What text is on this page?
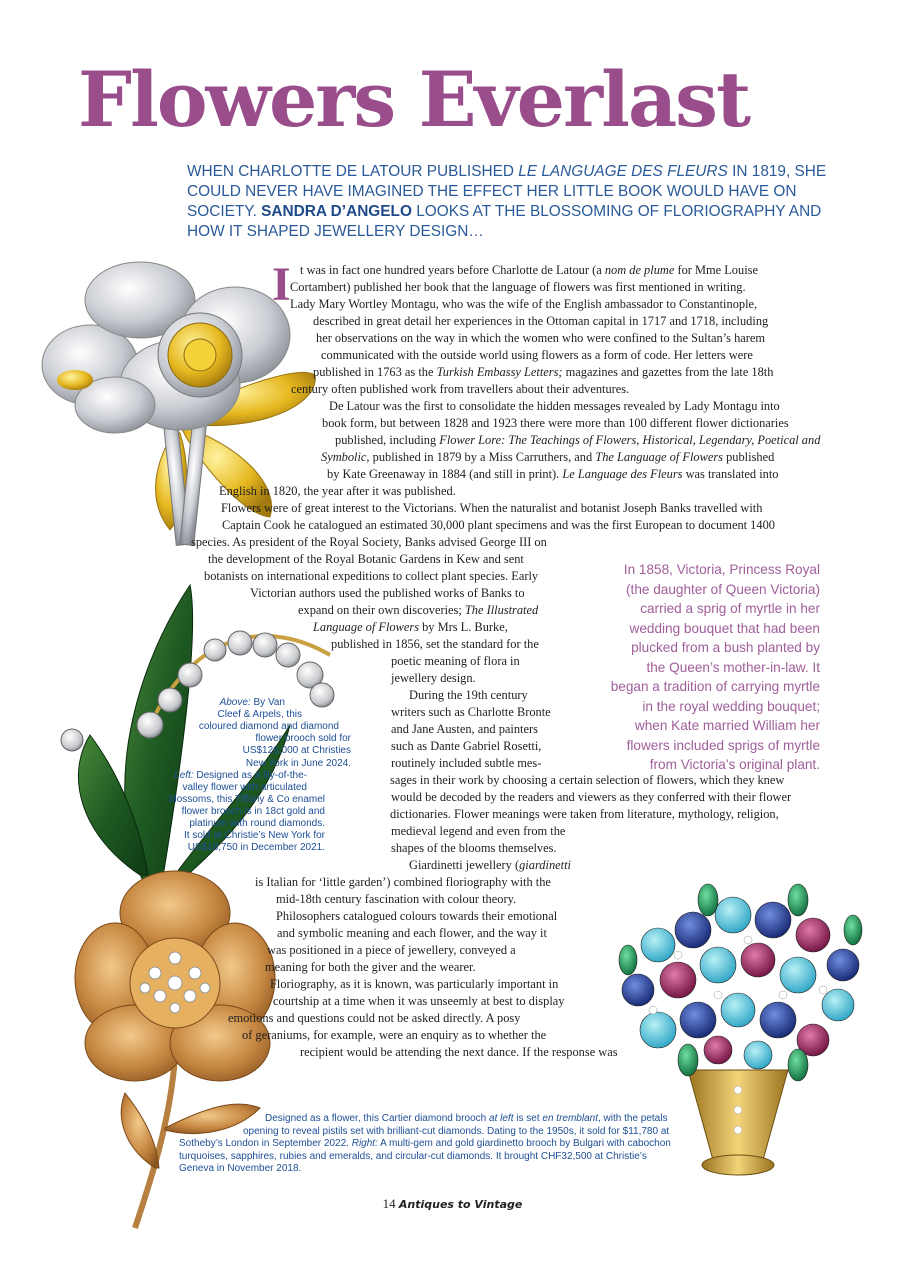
Flowers Everlast
WHEN CHARLOTTE DE LATOUR PUBLISHED LE LANGUAGE DES FLEURS IN 1819, SHE COULD NEVER HAVE IMAGINED THE EFFECT HER LITTLE BOOK WOULD HAVE ON SOCIETY. SANDRA D’ANGELO LOOKS AT THE BLOSSOMING OF FLORIOGRAPHY AND HOW IT SHAPED JEWELLERY DESIGN…
I t was in fact one hundred years before Charlotte de Latour (a nom de plume for Mme Louise
Cortambert) published her book that the language of flowers was first mentioned in writing.
Lady Mary Wortley Montagu, who was the wife of the English ambassador to Constantinople,
described in great detail her experiences in the Ottoman capital in 1717 and 1718, including
her observations on the way in which the women who were confined to the Sultan’s harem
communicated with the outside world using flowers as a form of code. Her letters were
published in 1763 as the Turkish Embassy Letters; magazines and gazettes from the late 18th
century often published work from travellers about their adventures.
De Latour was the first to consolidate the hidden messages revealed by Lady Montagu into
book form, but between 1828 and 1923 there were more than 100 different flower dictionaries
published, including Flower Lore: The Teachings of Flowers, Historical, Legendary, Poetical and
Symbolic, published in 1879 by a Miss Carruthers, and The Language of Flowers published
by Kate Greenaway in 1884 (and still in print). Le Language des Fleurs was translated into
English in 1820, the year after it was published.
Flowers were of great interest to the Victorians. When the naturalist and botanist Joseph Banks travelled with
Captain Cook he catalogued an estimated 30,000 plant specimens and was the first European to document 1400
species. As president of the Royal Society, Banks advised George III on
the development of the Royal Botanic Gardens in Kew and sent
botanists on international expeditions to collect plant species. Early
Victorian authors used the published works of Banks to
expand on their own discoveries; The Illustrated
Language of Flowers by Mrs L. Burke,
published in 1856, set the standard for the
poetic meaning of flora in
jewellery design.
During the 19th century
writers such as Charlotte Bronte
and Jane Austen, and painters
such as Dante Gabriel Rosetti,
routinely included subtle mes-
sages in their work by choosing a certain selection of flowers, which they knew
would be decoded by the readers and viewers as they conferred with their flower
dictionaries. Flower meanings were taken from literature, mythology, religion,
medieval legend and even from the
shapes of the blooms themselves.
Giardinetti jewellery (giardinetti
is Italian for ‘little garden’) combined floriography with the
mid-18th century fascination with colour theory.
Philosophers catalogued colours towards their emotional
and symbolic meaning and each flower, and the way it
was positioned in a piece of jewellery, conveyed a
meaning for both the giver and the wearer.
Floriography, as it is known, was particularly important in
courtship at a time when it was unseemly at best to display
emotions and questions could not be asked directly. A posy
of geraniums, for example, were an enquiry as to whether the
recipient would be attending the next dance. If the response was
In 1858, Victoria, Princess Royal
(the daughter of Queen Victoria)
carried a sprig of myrtle in her
wedding bouquet that had been
plucked from a bush planted by
the Queen’s mother-in-law. It
began a tradition of carrying myrtle
in the royal wedding bouquet;
when Kate married William her
flowers included sprigs of myrtle
from Victoria’s original plant.
14 Antiques to Vintage
Above: By Van
Cleef & Arpels, this
coloured diamond and diamond
flower brooch sold for
US$126,000 at Christies
New York in June 2024.
Left: Designed as a lily-of-the-
valley flower with articulated
blossoms, this Tiffany & Co enamel
flower brooch is in 18ct gold and
platinum with round diamonds.
It sold at Christie’s New York for
US$18,750 in December 2021.
Designed as a flower, this Cartier diamond brooch at left is set en tremblant, with the petals
opening to reveal pistils set with brilliant-cut diamonds. Dating to the 1950s, it sold for $11,780 at
Sotheby’s London in September 2022. Right: A multi-gem and gold giardinetto brooch by Bulgari with cabochon
turquoises, sapphires, rubies and emeralds, and circular-cut diamonds. It brought CHF32,500 at Christie’s
Geneva in November 2018.
